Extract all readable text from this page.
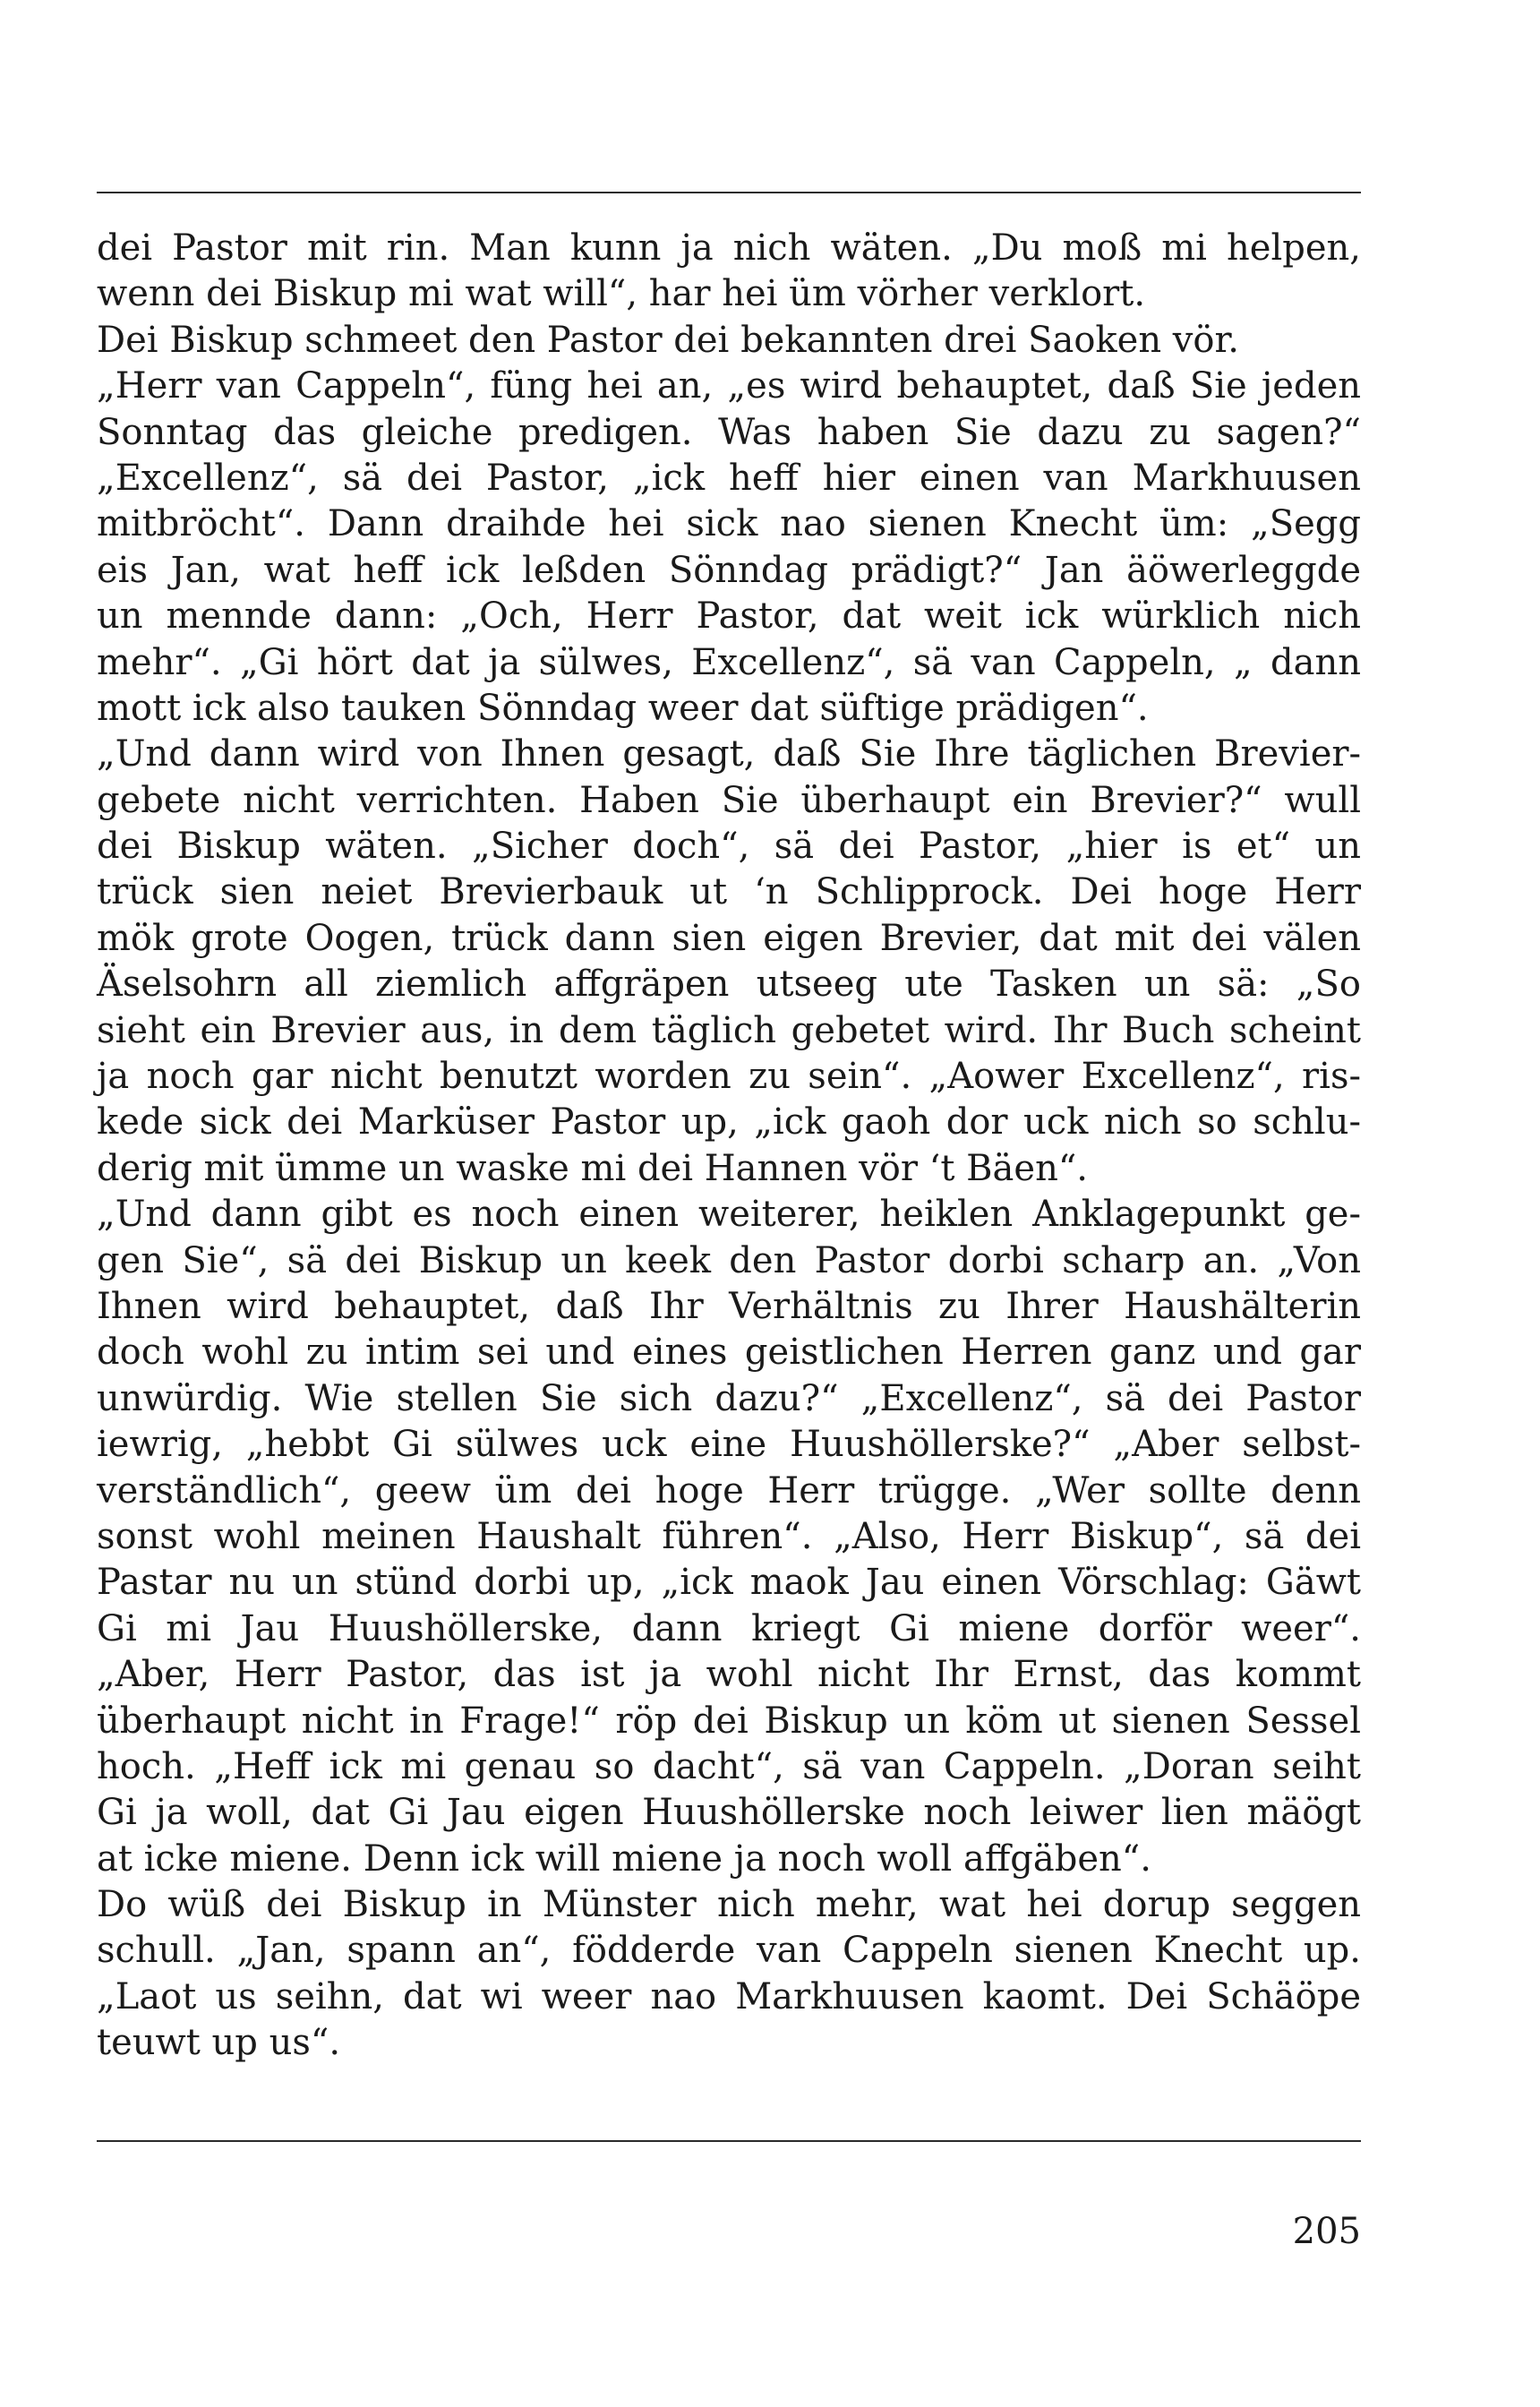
dei Pastor mit rin. Man kunn ja nich wäten. „Du moß mi helpen,
wenn dei Biskup mi wat will“, har hei üm vörher verklort.
Dei Biskup schmeet den Pastor dei bekannten drei Saoken vör.
„Herr van Cappeln“, füng hei an, „es wird behauptet, daß Sie jeden
Sonntag das gleiche predigen. Was haben Sie dazu zu sagen?“
„Excellenz“, sä dei Pastor, „ick heff hier einen van Markhuusen
mitbröcht“. Dann draihde hei sick nao sienen Knecht üm: „Segg
eis Jan, wat heff ick leßden Sönndag prädigt?“ Jan äöwerleggde
un mennde dann: „Och, Herr Pastor, dat weit ick würklich nich
mehr“. „Gi hört dat ja sülwes, Excellenz“, sä van Cappeln, „ dann
mott ick also tauken Sönndag weer dat süftige prädigen“.
„Und dann wird von Ihnen gesagt, daß Sie Ihre täglichen Brevier-
gebete nicht verrichten. Haben Sie überhaupt ein Brevier?“ wull
dei Biskup wäten. „Sicher doch“, sä dei Pastor, „hier is et“ un
trück sien neiet Brevierbauk ut ‘n Schlipprock. Dei hoge Herr
mök grote Oogen, trück dann sien eigen Brevier, dat mit dei välen
Äselsohrn all ziemlich affgräpen utseeg ute Tasken un sä: „So
sieht ein Brevier aus, in dem täglich gebetet wird. Ihr Buch scheint
ja noch gar nicht benutzt worden zu sein“. „Aower Excellenz“, ris-
kede sick dei Marküser Pastor up, „ick gaoh dor uck nich so schlu-
derig mit ümme un waske mi dei Hannen vör ‘t Bäen“.
„Und dann gibt es noch einen weiterer, heiklen Anklagepunkt ge-
gen Sie“, sä dei Biskup un keek den Pastor dorbi scharp an. „Von
Ihnen wird behauptet, daß Ihr Verhältnis zu Ihrer Haushälterin
doch wohl zu intim sei und eines geistlichen Herren ganz und gar
unwürdig. Wie stellen Sie sich dazu?“ „Excellenz“, sä dei Pastor
iewrig, „hebbt Gi sülwes uck eine Huushöllerske?“ „Aber selbst-
verständlich“, geew üm dei hoge Herr trügge. „Wer sollte denn
sonst wohl meinen Haushalt führen“. „Also, Herr Biskup“, sä dei
Pastar nu un stünd dorbi up, „ick maok Jau einen Vörschlag: Gäwt
Gi mi Jau Huushöllerske, dann kriegt Gi miene dorför weer“.
„Aber, Herr Pastor, das ist ja wohl nicht Ihr Ernst, das kommt
überhaupt nicht in Frage!“ röp dei Biskup un köm ut sienen Sessel
hoch. „Heff ick mi genau so dacht“, sä van Cappeln. „Doran seiht
Gi ja woll, dat Gi Jau eigen Huushöllerske noch leiwer lien mäögt
at icke miene. Denn ick will miene ja noch woll affgäben“.
Do wüß dei Biskup in Münster nich mehr, wat hei dorup seggen
schull. „Jan, spann an“, födderde van Cappeln sienen Knecht up.
„Laot us seihn, dat wi weer nao Markhuusen kaomt. Dei Schäöpe
teuwt up us“.
205
